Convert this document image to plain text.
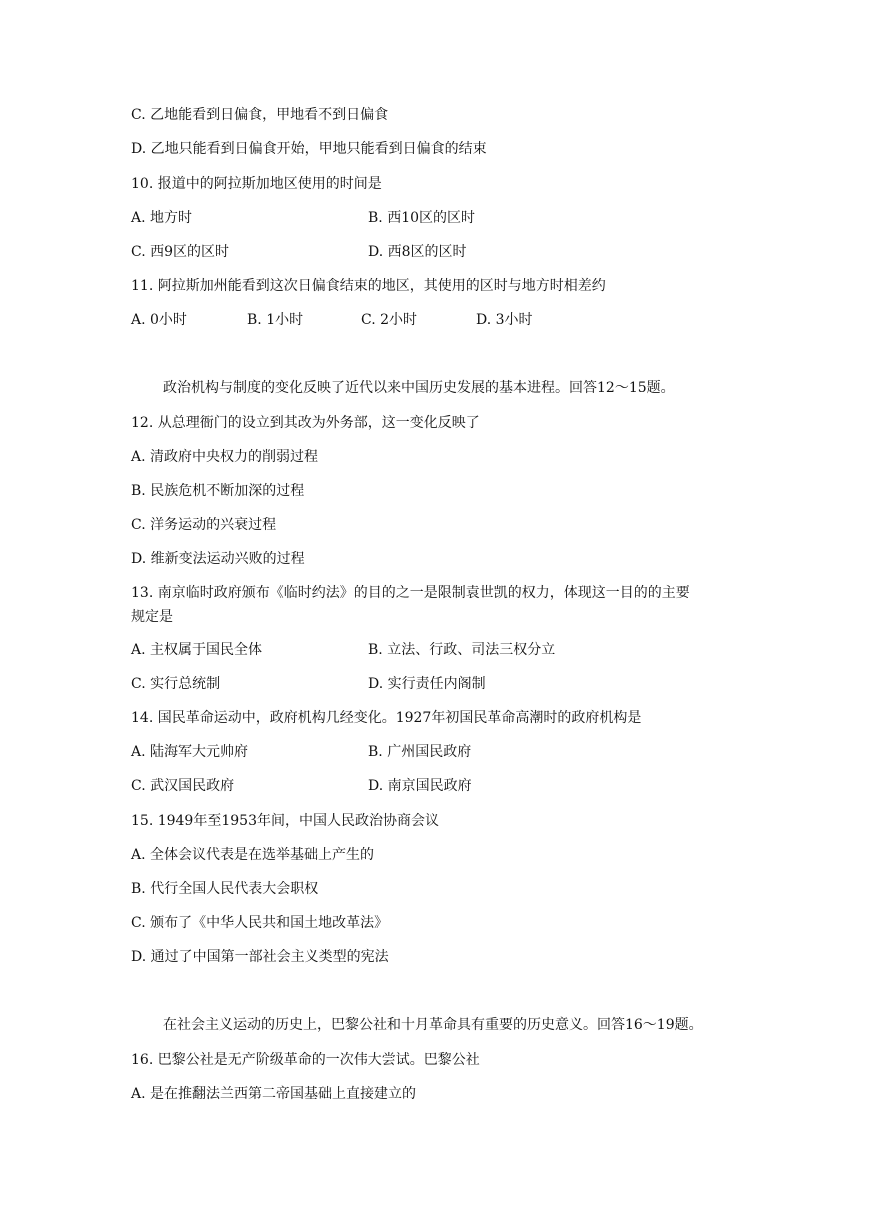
C. 乙地能看到日偏食，甲地看不到日偏食
D. 乙地只能看到日偏食开始，甲地只能看到日偏食的结束
10. 报道中的阿拉斯加地区使用的时间是
A. 地方时	B. 西10区的区时
C. 西9区的区时	D. 西8区的区时
11. 阿拉斯加州能看到这次日偏食结束的地区，其使用的区时与地方时相差约
A. 0小时	B. 1小时	C. 2小时	D. 3小时
政治机构与制度的变化反映了近代以来中国历史发展的基本进程。回答12～15题。
12. 从总理衙门的设立到其改为外务部，这一变化反映了
A. 清政府中央权力的削弱过程
B. 民族危机不断加深的过程
C. 洋务运动的兴衰过程
D. 维新变法运动兴败的过程
13. 南京临时政府颁布《临时约法》的目的之一是限制袁世凯的权力，体现这一目的的主要
规定是
A. 主权属于国民全体	B. 立法、行政、司法三权分立
C. 实行总统制	D. 实行责任内阁制
14. 国民革命运动中，政府机构几经变化。1927年初国民革命高潮时的政府机构是
A. 陆海军大元帅府	B. 广州国民政府
C. 武汉国民政府	D. 南京国民政府
15. 1949年至1953年间，中国人民政治协商会议
A. 全体会议代表是在选举基础上产生的
B. 代行全国人民代表大会职权
C. 颁布了《中华人民共和国土地改革法》
D. 通过了中国第一部社会主义类型的宪法
在社会主义运动的历史上，巴黎公社和十月革命具有重要的历史意义。回答16～19题。
16. 巴黎公社是无产阶级革命的一次伟大尝试。巴黎公社
A. 是在推翻法兰西第二帝国基础上直接建立的
